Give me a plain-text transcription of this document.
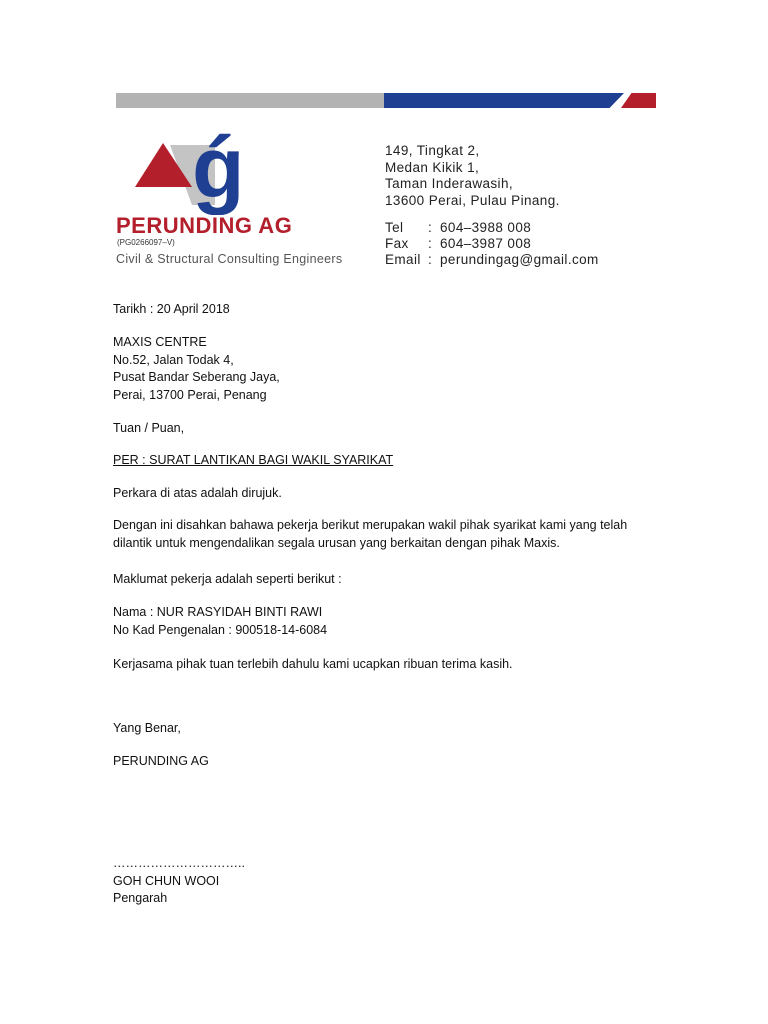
ǵ
PERUNDING AG
(PG0266097–V)
Civil & Structural Consulting Engineers
149, Tingkat 2,
Medan Kikik 1,
Taman Inderawasih,
13600 Perai, Pulau Pinang.
Tel	: 604–3988 008
Fax	: 604–3987 008
Email : perundingag@gmail.com
Tarikh : 20 April 2018
MAXIS CENTRE
No.52, Jalan Todak 4,
Pusat Bandar Seberang Jaya,
Perai, 13700 Perai, Penang
Tuan / Puan,
PER : SURAT LANTIKAN BAGI WAKIL SYARIKAT
Perkara di atas adalah dirujuk.
Dengan ini disahkan bahawa pekerja berikut merupakan wakil pihak syarikat kami yang telah
dilantik untuk mengendalikan segala urusan yang berkaitan dengan pihak Maxis.
Maklumat pekerja adalah seperti berikut :
Nama : NUR RASYIDAH BINTI RAWI
No Kad Pengenalan : 900518-14-6084
Kerjasama pihak tuan terlebih dahulu kami ucapkan ribuan terima kasih.
Yang Benar,
PERUNDING AG
…………………………..
GOH CHUN WOOI
Pengarah
